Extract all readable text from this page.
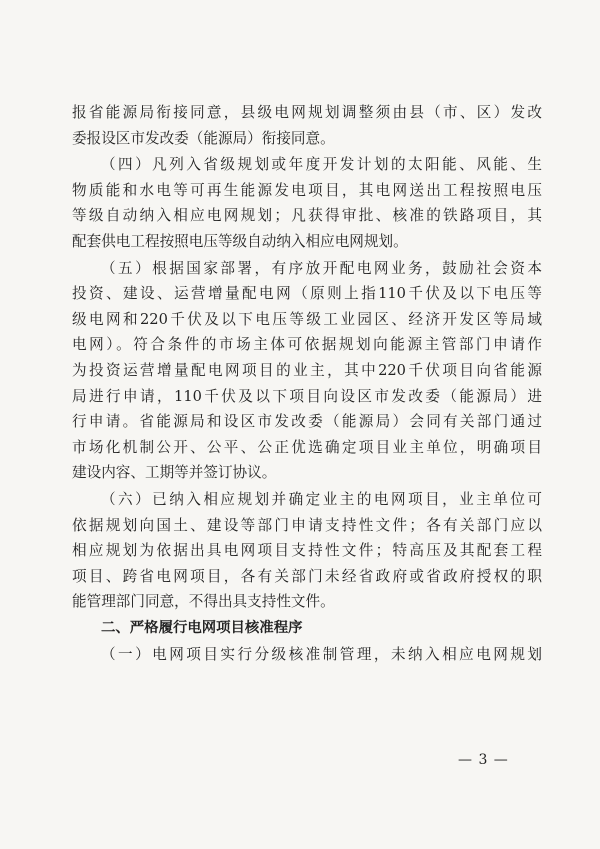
报省能源局衔接同意，县级电网规划调整须由县（市、区）发改
委报设区市发改委（能源局）衔接同意。
（四）凡列入省级规划或年度开发计划的太阳能、风能、生
物质能和水电等可再生能源发电项目，其电网送出工程按照电压
等级自动纳入相应电网规划；凡获得审批、核准的铁路项目，其
配套供电工程按照电压等级自动纳入相应电网规划。
（五）根据国家部署，有序放开配电网业务，鼓励社会资本
投资、建设、运营增量配电网（原则上指110千伏及以下电压等
级电网和220千伏及以下电压等级工业园区、经济开发区等局域
电网）。符合条件的市场主体可依据规划向能源主管部门申请作
为投资运营增量配电网项目的业主，其中220千伏项目向省能源
局进行申请，110千伏及以下项目向设区市发改委（能源局）进
行申请。省能源局和设区市发改委（能源局）会同有关部门通过
市场化机制公开、公平、公正优选确定项目业主单位，明确项目
建设内容、工期等并签订协议。
（六）已纳入相应规划并确定业主的电网项目，业主单位可
依据规划向国土、建设等部门申请支持性文件；各有关部门应以
相应规划为依据出具电网项目支持性文件；特高压及其配套工程
项目、跨省电网项目，各有关部门未经省政府或省政府授权的职
能管理部门同意，不得出具支持性文件。
二、严格履行电网项目核准程序
（一）电网项目实行分级核准制管理，未纳入相应电网规划
— 3 —
